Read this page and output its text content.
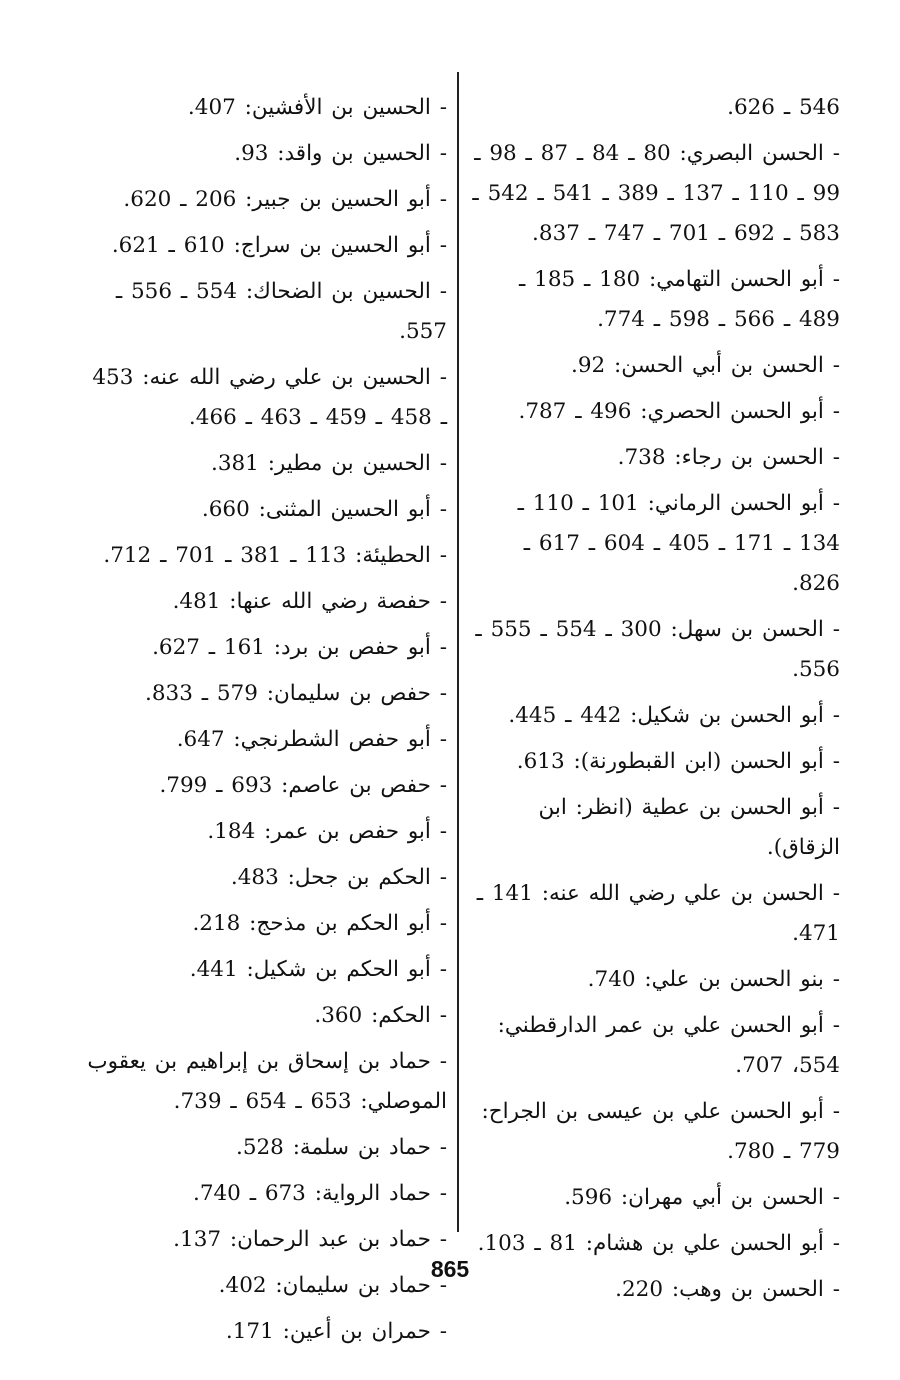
- الحسين بن الأفشين: 407.
- الحسين بن واقد: 93.
- أبو الحسين بن جبير: 206 ـ 620.
- أبو الحسين بن سراج: 610 ـ 621.
- الحسين بن الضحاك: 554 ـ 556 ـ 557.
- الحسين بن علي رضي الله عنه: 453 ـ 458 ـ 459 ـ 463 ـ 466.
- الحسين بن مطير: 381.
- أبو الحسين المثنى: 660.
- الحطيئة: 113 ـ 381 ـ 701 ـ 712.
- حفصة رضي الله عنها: 481.
- أبو حفص بن برد: 161 ـ 627.
- حفص بن سليمان: 579 ـ 833.
- أبو حفص الشطرنجي: 647.
- حفص بن عاصم: 693 ـ 799.
- أبو حفص بن عمر: 184.
- الحكم بن جحل: 483.
- أبو الحكم بن مذحج: 218.
- أبو الحكم بن شكيل: 441.
- الحكم: 360.
- حماد بن إسحاق بن إبراهيم بن يعقوب الموصلي: 653 ـ 654 ـ 739.
- حماد بن سلمة: 528.
- حماد الرواية: 673 ـ 740.
- حماد بن عبد الرحمان: 137.
- حماد بن سليمان: 402.
- حمران بن أعين: 171.
546 ـ 626.
- الحسن البصري: 80 ـ 84 ـ 87 ـ 98 ـ 99 ـ 110 ـ 137 ـ 389 ـ 541 ـ 542 ـ 583 ـ 692 ـ 701 ـ 747 ـ 837.
- أبو الحسن التهامي: 180 ـ 185 ـ 489 ـ 566 ـ 598 ـ 774.
- الحسن بن أبي الحسن: 92.
- أبو الحسن الحصري: 496 ـ 787.
- الحسن بن رجاء: 738.
- أبو الحسن الرماني: 101 ـ 110 ـ 134 ـ 171 ـ 405 ـ 604 ـ 617 ـ 826.
- الحسن بن سهل: 300 ـ 554 ـ 555 ـ 556.
- أبو الحسن بن شكيل: 442 ـ 445.
- أبو الحسن (ابن القبطورنة): 613.
- أبو الحسن بن عطية (انظر: ابن الزقاق).
- الحسن بن علي رضي الله عنه: 141 ـ 471.
- بنو الحسن بن علي: 740.
- أبو الحسن علي بن عمر الدارقطني: 554، 707.
- أبو الحسن علي بن عيسى بن الجراح: 779 ـ 780.
- الحسن بن أبي مهران: 596.
- أبو الحسن علي بن هشام: 81 ـ 103.
- الحسن بن وهب: 220.
865
